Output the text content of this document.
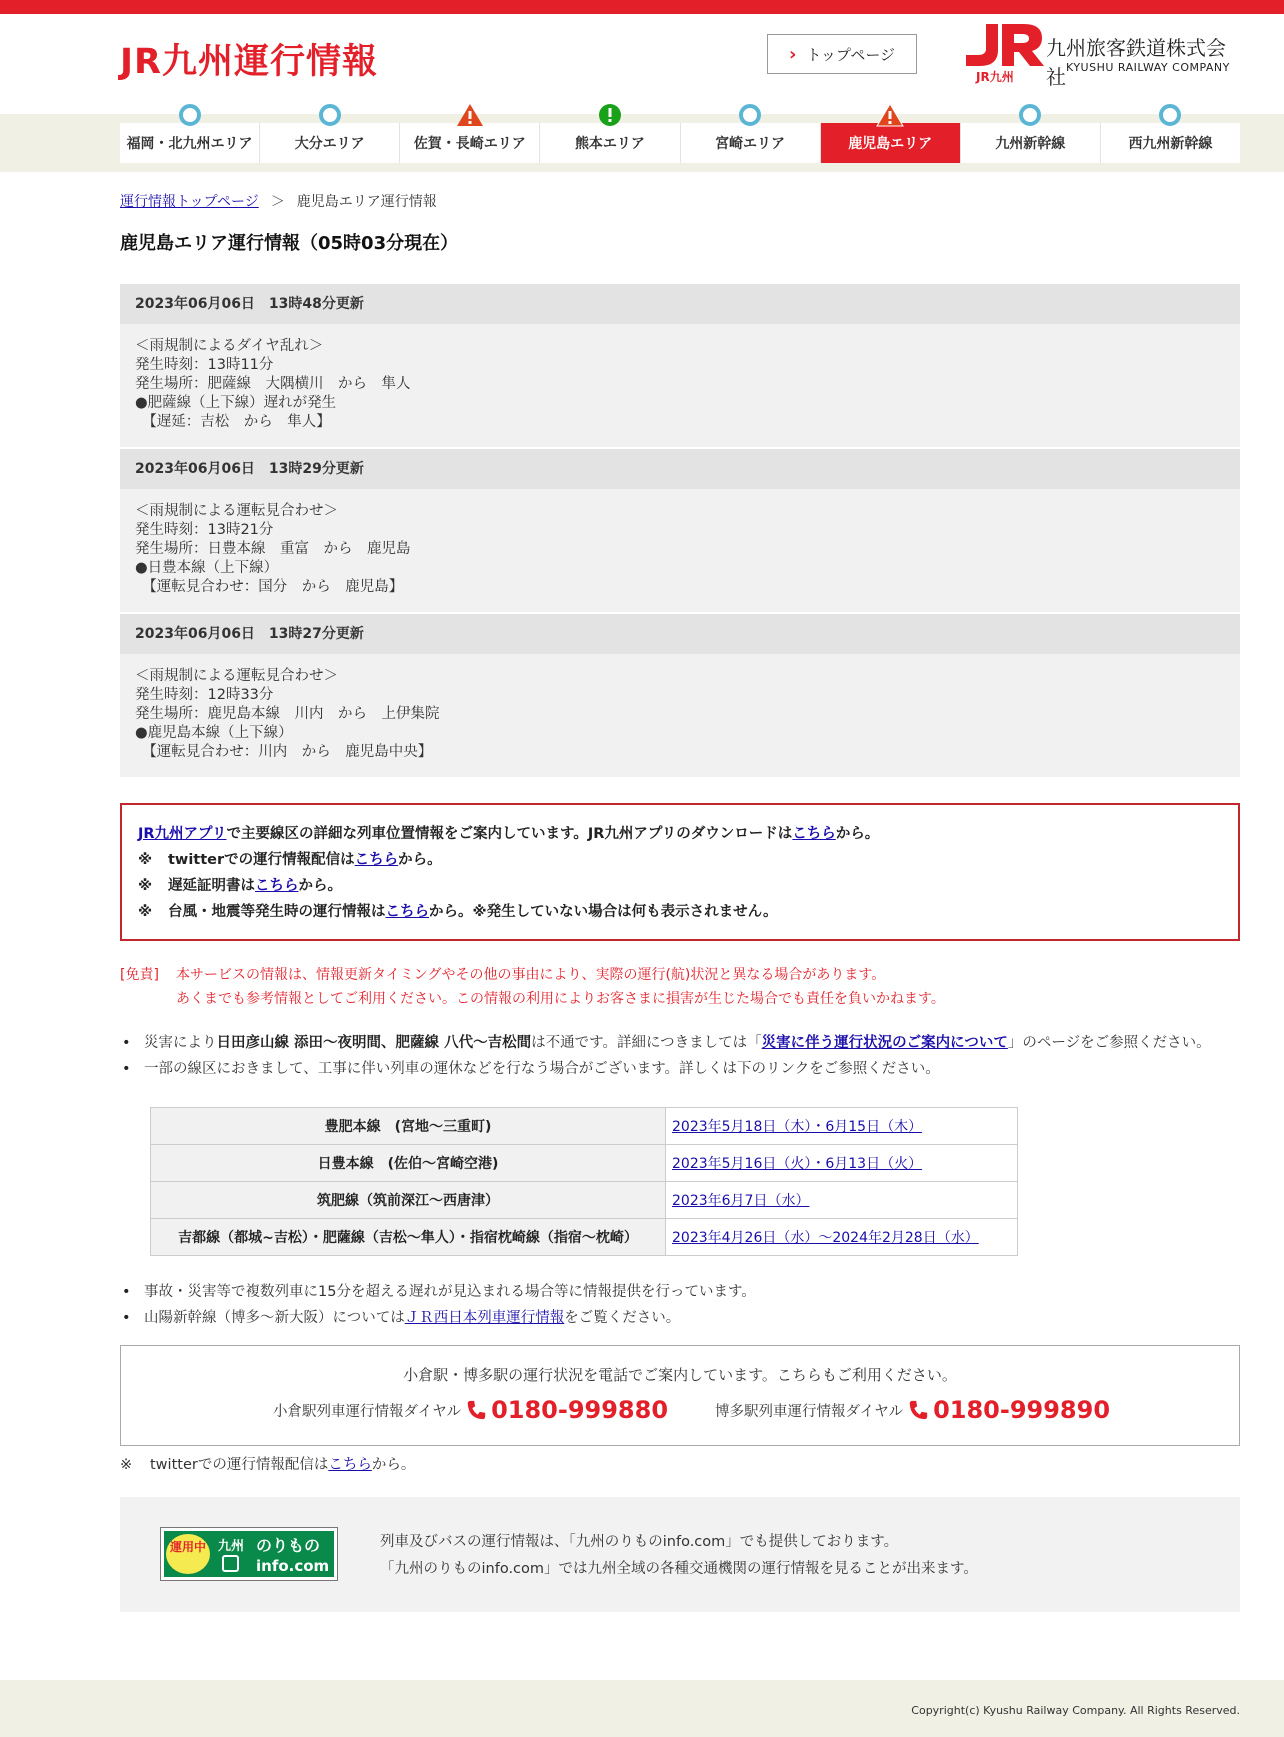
JR九州運行情報	› トップページ
JR九州
九州旅客鉄道株式会社 KYUSHU RAILWAY COMPANY
福岡・北九州エリア	大分エリア	佐賀・長崎エリア	熊本エリア	宮崎エリア	鹿児島エリア	九州新幹線	西九州新幹線
運行情報トップページ ＞ 鹿児島エリア運行情報
鹿児島エリア運行情報（05時03分現在）
2023年06月06日　13時48分更新
＜雨規制によるダイヤ乱れ＞
発生時刻：13時11分
発生場所：肥薩線　大隅横川　から　隼人
●肥薩線（上下線）遅れが発生
　【遅延：吉松　から　隼人】
2023年06月06日　13時29分更新
＜雨規制による運転見合わせ＞
発生時刻：13時21分
発生場所：日豊本線　重富　から　鹿児島
●日豊本線（上下線）
　【運転見合わせ：国分　から　鹿児島】
2023年06月06日　13時27分更新
＜雨規制による運転見合わせ＞
発生時刻：12時33分
発生場所：鹿児島本線　川内　から　上伊集院
●鹿児島本線（上下線）
　【運転見合わせ：川内　から　鹿児島中央】
JR九州アプリで主要線区の詳細な列車位置情報をご案内しています。JR九州アプリのダウンロードはこちらから。
※ twitterでの運行情報配信はこちらから。
※ 遅延証明書はこちらから。
※ 台風・地震等発生時の運行情報はこちらから。※発生していない場合は何も表示されません。
[免責] 本サービスの情報は、情報更新タイミングやその他の事由により、実際の運行(航)状況と異なる場合があります。
あくまでも参考情報としてご利用ください。この情報の利用によりお客さまに損害が生じた場合でも責任を負いかねます。
• 災害により日田彦山線 添田～夜明間、肥薩線 八代～吉松間は不通です。詳細につきましては「災害に伴う運行状況のご案内について」のページをご参照ください。
• 一部の線区におきまして、工事に伴い列車の運休などを行なう場合がございます。詳しくは下のリンクをご参照ください。
豊肥本線　(宮地～三重町)	2023年5月18日（木）・6月15日（木）
日豊本線　(佐伯～宮崎空港)	2023年5月16日（火）・6月13日（火）
筑肥線（筑前深江～西唐津）	2023年6月7日（水）
吉都線（都城~吉松）・肥薩線（吉松～隼人）・指宿枕崎線（指宿～枕崎）	2023年4月26日（水）～2024年2月28日（水）
• 事故・災害等で複数列車に15分を超える遅れが見込まれる場合等に情報提供を行っています。
• 山陽新幹線（博多～新大阪）についてはＪＲ西日本列車運行情報をご覧ください。
小倉駅・博多駅の運行状況を電話でご案内しています。こちらもご利用ください。
小倉駅列車運行情報ダイヤル 0180-999880	博多駅列車運行情報ダイヤル 0180-999890
※ twitterでの運行情報配信はこちらから。
運用中 九州 のりもの
info.com
列車及びバスの運行情報は、「九州のりものinfo.com」でも提供しております。
「九州のりものinfo.com」では九州全域の各種交通機関の運行情報を見ることが出来ます。
Copyright(c) Kyushu Railway Company. All Rights Reserved.
